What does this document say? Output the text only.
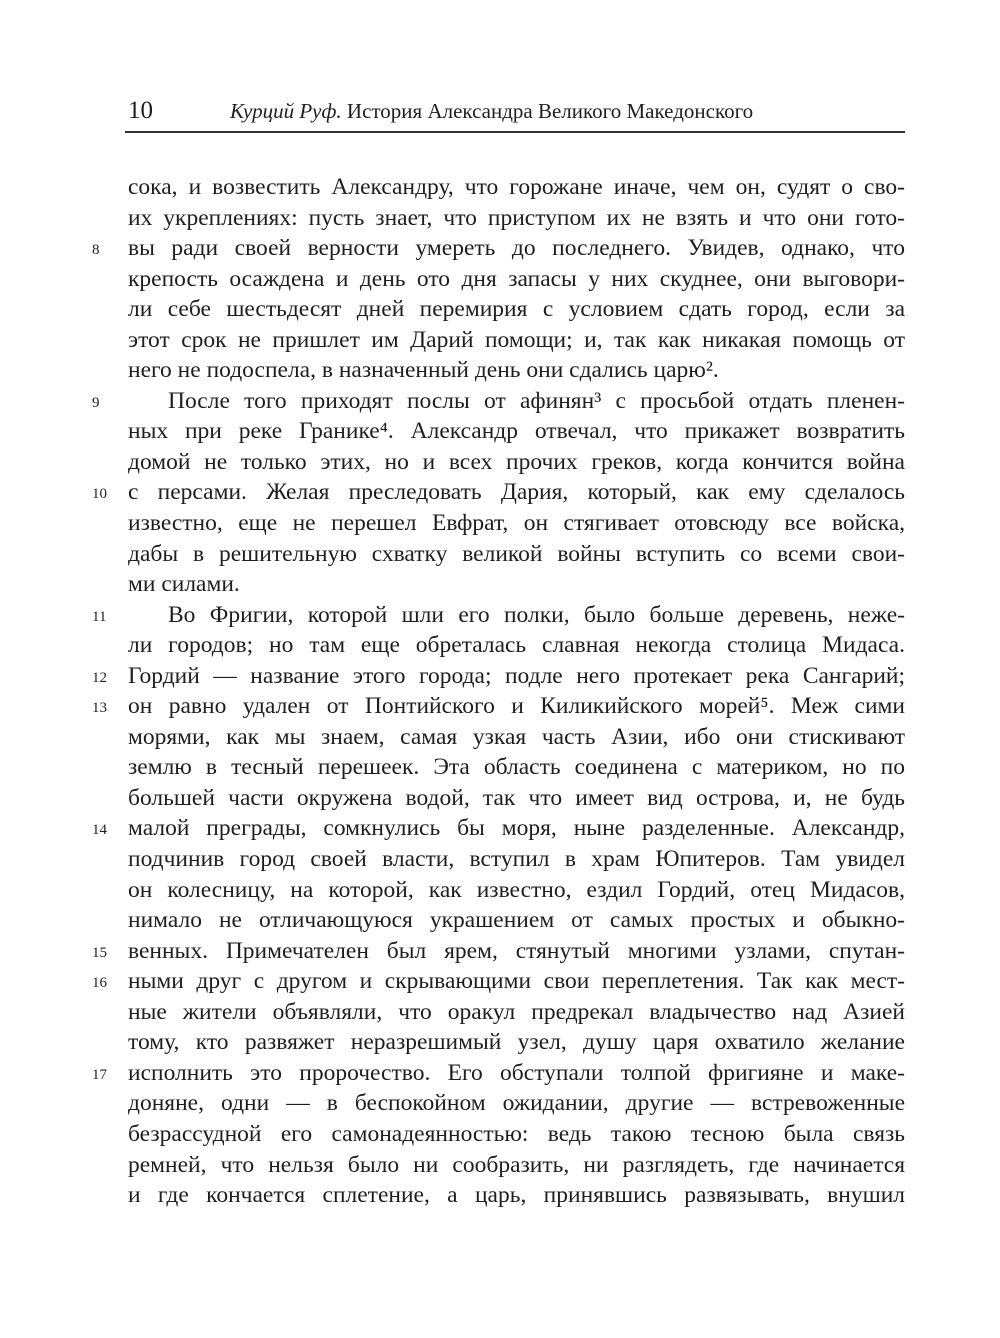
10	Курций Руф. История Александра Великого Македонского
сока, и возвестить Александру, что горожане иначе, чем он, судят о сво-
их укреплениях: пусть знает, что приступом их не взять и что они гото-
8	вы ради своей верности умереть до последнего. Увидев, однако, что
крепость осаждена и день ото дня запасы у них скуднее, они выговори-
ли себе шестьдесят дней перемирия с условием сдать город, если за
этот срок не пришлет им Дарий помощи; и, так как никакая помощь от
него не подоспела, в назначенный день они сдались царю².
9	После того приходят послы от афинян³ с просьбой отдать пленен-
ных при реке Гранике⁴. Александр отвечал, что прикажет возвратить
домой не только этих, но и всех прочих греков, когда кончится война
10 с персами. Желая преследовать Дария, который, как ему сделалось
известно, еще не перешел Евфрат, он стягивает отовсюду все войска,
дабы в решительную схватку великой войны вступить со всеми свои-
ми силами.
11	Во Фригии, которой шли его полки, было больше деревень, неже-
ли городов; но там еще обреталась славная некогда столица Мидаса.
12 Гордий — название этого города; подле него протекает река Сангарий;
13 он равно удален от Понтийского и Киликийского морей⁵. Меж сими
морями, как мы знаем, самая узкая часть Азии, ибо они стискивают
землю в тесный перешеек. Эта область соединена с материком, но по
большей части окружена водой, так что имеет вид острова, и, не будь
14 малой преграды, сомкнулись бы моря, ныне разделенные. Александр,
подчинив город своей власти, вступил в храм Юпитеров. Там увидел
он колесницу, на которой, как известно, ездил Гордий, отец Мидасов,
нимало не отличающуюся украшением от самых простых и обыкно-
15 венных. Примечателен был ярем, стянутый многими узлами, спутан-
16 ными друг с другом и скрывающими свои переплетения. Так как мест-
ные жители объявляли, что оракул предрекал владычество над Азией
тому, кто развяжет неразрешимый узел, душу царя охватило желание
17 исполнить это пророчество. Его обступали толпой фригияне и маке-
доняне, одни — в беспокойном ожидании, другие — встревоженные
безрассудной его самонадеянностью: ведь такою тесною была связь
ремней, что нельзя было ни сообразить, ни разглядеть, где начинается
и где кончается сплетение, а царь, принявшись развязывать, внушил
